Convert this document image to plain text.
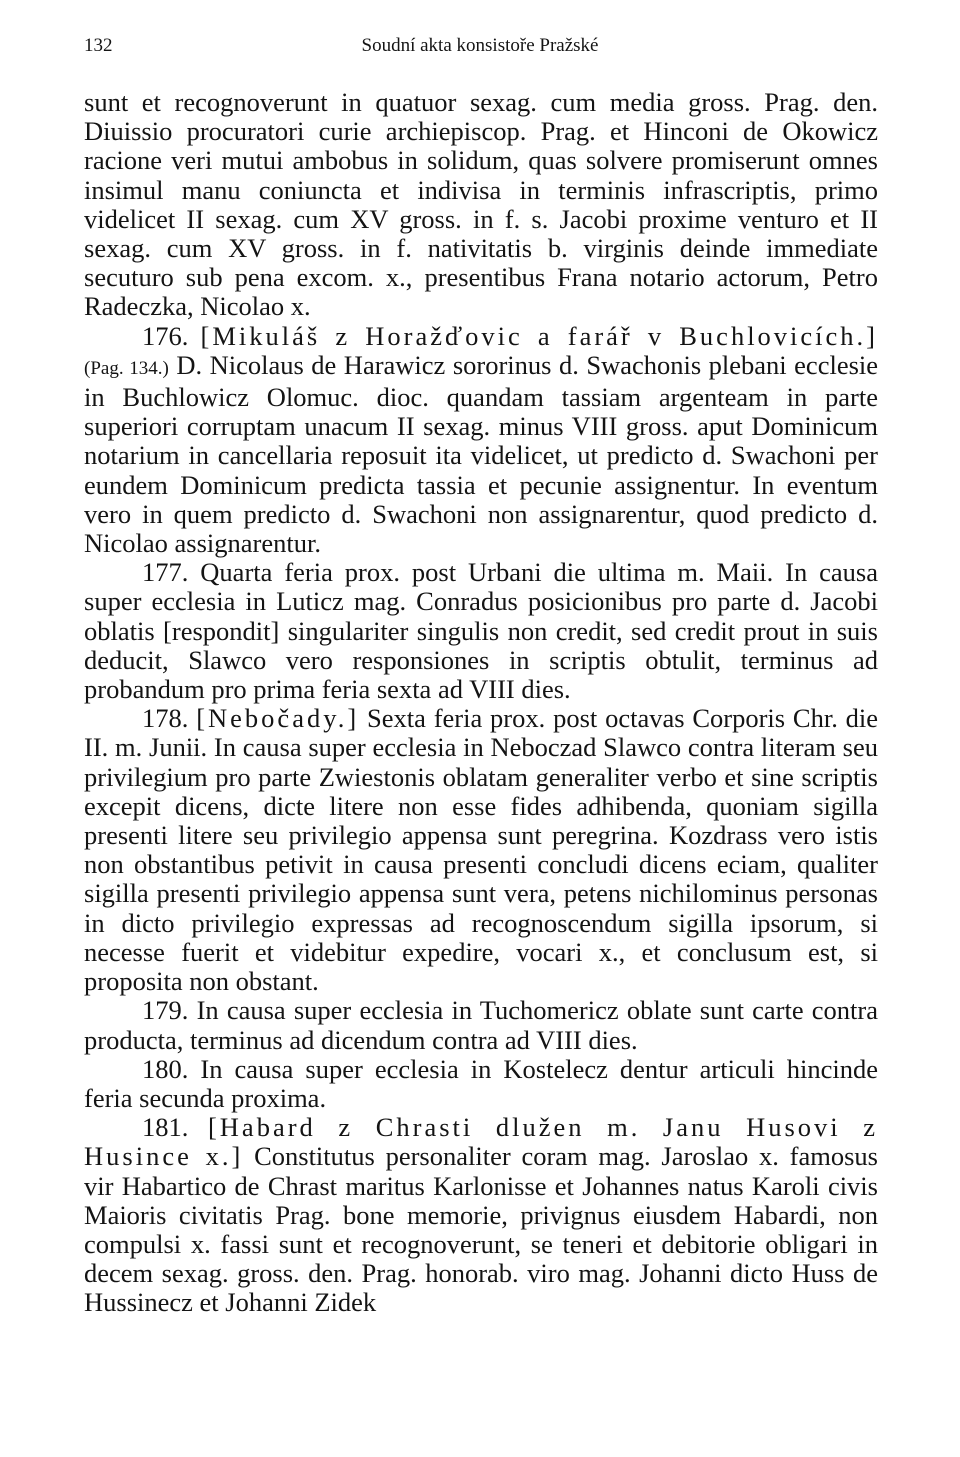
132	Soudní akta konsistoře Pražské

sunt et recognoverunt in quatuor sexag. cum media gross. Prag. den. Diuissio procuratori curie archiepiscop. Prag. et Hinconi de Okowicz racione veri mutui ambobus in solidum, quas solvere promiserunt omnes insimul manu coniuncta et indivisa in terminis infrascriptis, primo videlicet II sexag. cum XV gross. in f. s. Jacobi proxime venturo et II sexag. cum XV gross. in f. nativitatis b. virginis deinde immediate secuturo sub pena excom. x., presentibus Frana notario actorum, Petro Radeczka, Nicolao x.

176. [Mikuláš z Horažďovic a farář v Buchlovicích.] (Pag. 134.) D. Nicolaus de Harawicz sororinus d. Swachonis plebani ecclesie in Buchlowicz Olomuc. dioc. quandam tassiam argenteam in parte superiori corruptam unacum II sexag. minus VIII gross. aput Dominicum notarium in cancellaria reposuit ita videlicet, ut predicto d. Swachoni per eundem Dominicum predicta tassia et pecunie assignentur. In eventum vero in quem predicto d. Swachoni non assignarentur, quod predicto d. Nicolao assignarentur.

177. Quarta feria prox. post Urbani die ultima m. Maii. In causa super ecclesia in Luticz mag. Conradus posicionibus pro parte d. Jacobi oblatis [respondit] singulariter singulis non credit, sed credit prout in suis deducit, Slawco vero responsiones in scriptis obtulit, terminus ad probandum pro prima feria sexta ad VIII dies.

178. [Nebočady.] Sexta feria prox. post octavas Corporis Chr. die II. m. Junii. In causa super ecclesia in Neboczad Slawco contra literam seu privilegium pro parte Zwiestonis oblatam generaliter verbo et sine scriptis excepit dicens, dicte litere non esse fides adhibenda, quoniam sigilla presenti litere seu privilegio appensa sunt peregrina. Kozdrass vero istis non obstantibus petivit in causa presenti concludi dicens eciam, qualiter sigilla presenti privilegio appensa sunt vera, petens nichilominus personas in dicto privilegio expressas ad recognoscendum sigilla ipsorum, si necesse fuerit et videbitur expedire, vocari x., et conclusum est, si proposita non obstant.

179. In causa super ecclesia in Tuchomericz oblate sunt carte contra producta, terminus ad dicendum contra ad VIII dies.

180. In causa super ecclesia in Kostelecz dentur articuli hincinde feria secunda proxima.

181. [Habard z Chrasti dlužen m. Janu Husovi z Husince x.] Constitutus personaliter coram mag. Jaroslao x. famosus vir Habartico de Chrast maritus Karlonisse et Johannes natus Karoli civis Maioris civitatis Prag. bone memorie, privignus eiusdem Habardi, non compulsi x. fassi sunt et recognoverunt, se teneri et debitorie obligari in decem sexag. gross. den. Prag. honorab. viro mag. Johanni dicto Huss de Hussinecz et Johanni Zidek
